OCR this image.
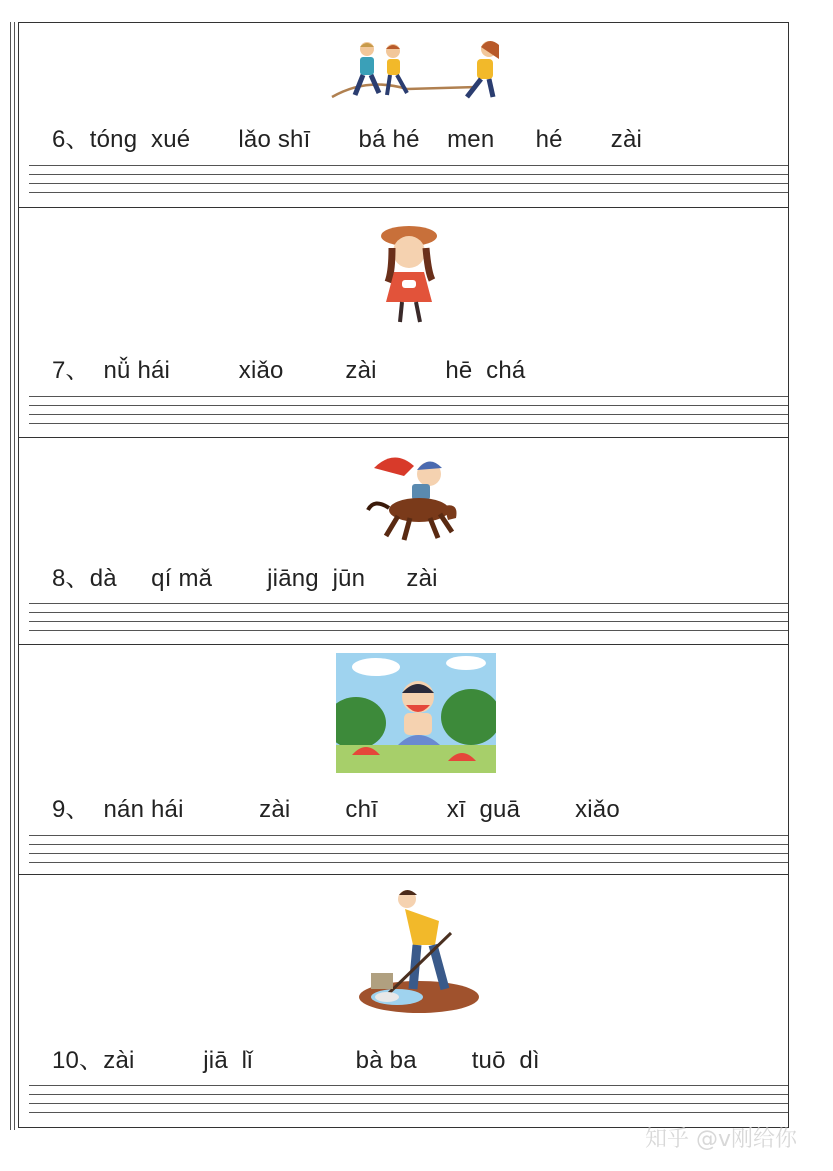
6、tóng  xué       lǎo shī       bá hé    men      hé       zài
7、  nǚ hái          xiǎo         zài          hē  chá
8、dà     qí mǎ        jiāng  jūn      zài
9、  nán hái           zài        chī          xī  guā        xiǎo
10、zài          jiā  lǐ               bà ba        tuō  dì
知乎 @v刚给你
